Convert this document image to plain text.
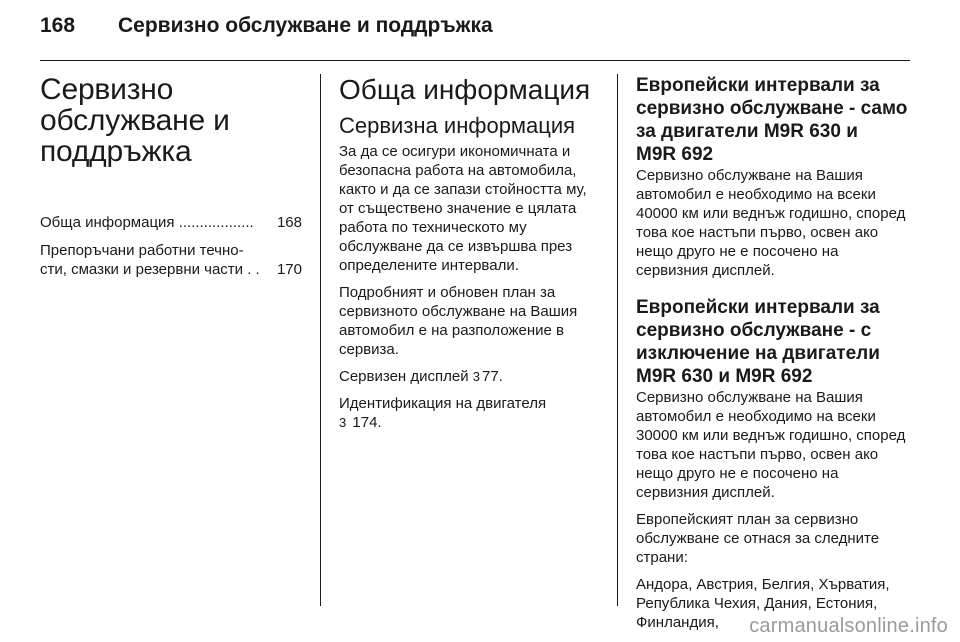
168	Сервизно обслужване и поддръжка
Сервизно
обслужване и
поддръжка
Обща информация ..................	168
Препоръчани работни течно-
сти, смазки и резервни части . .	170
Обща информация
Сервизна информация

За да се осигури икономичната и безопасна работа на автомобила, както и да се запази стойността му, от съществено значение е цялата работа по техническото му обслужване да се извършва през определените интервали.

Подробният и обновен план за сервизното обслужване на Вашия автомобил е на разположение в сервиза.

Сервизен дисплей 3 77.

Идентификация на двигателя
3 174.

Европейски интервали за
сервизно обслужване - само
за двигатели M9R 630 и
M9R 692

Сервизно обслужване на Вашия автомобил е необходимо на всеки 40000 км или веднъж годишно, според това кое настъпи първо, освен ако нещо друго не е посочено на сервизния дисплей.

Европейски интервали за
сервизно обслужване - с
изключение на двигатели
M9R 630 и M9R 692

Сервизно обслужване на Вашия автомобил е необходимо на всеки 30000 км или веднъж годишно, според това кое настъпи първо, освен ако нещо друго не е посочено на сервизния дисплей.

Европейският план за сервизно обслужване се отнася за следните страни:

Андора, Австрия, Белгия, Хърватия, Република Чехия, Дания, Естония, Финландия,	carmanualsonline.info
